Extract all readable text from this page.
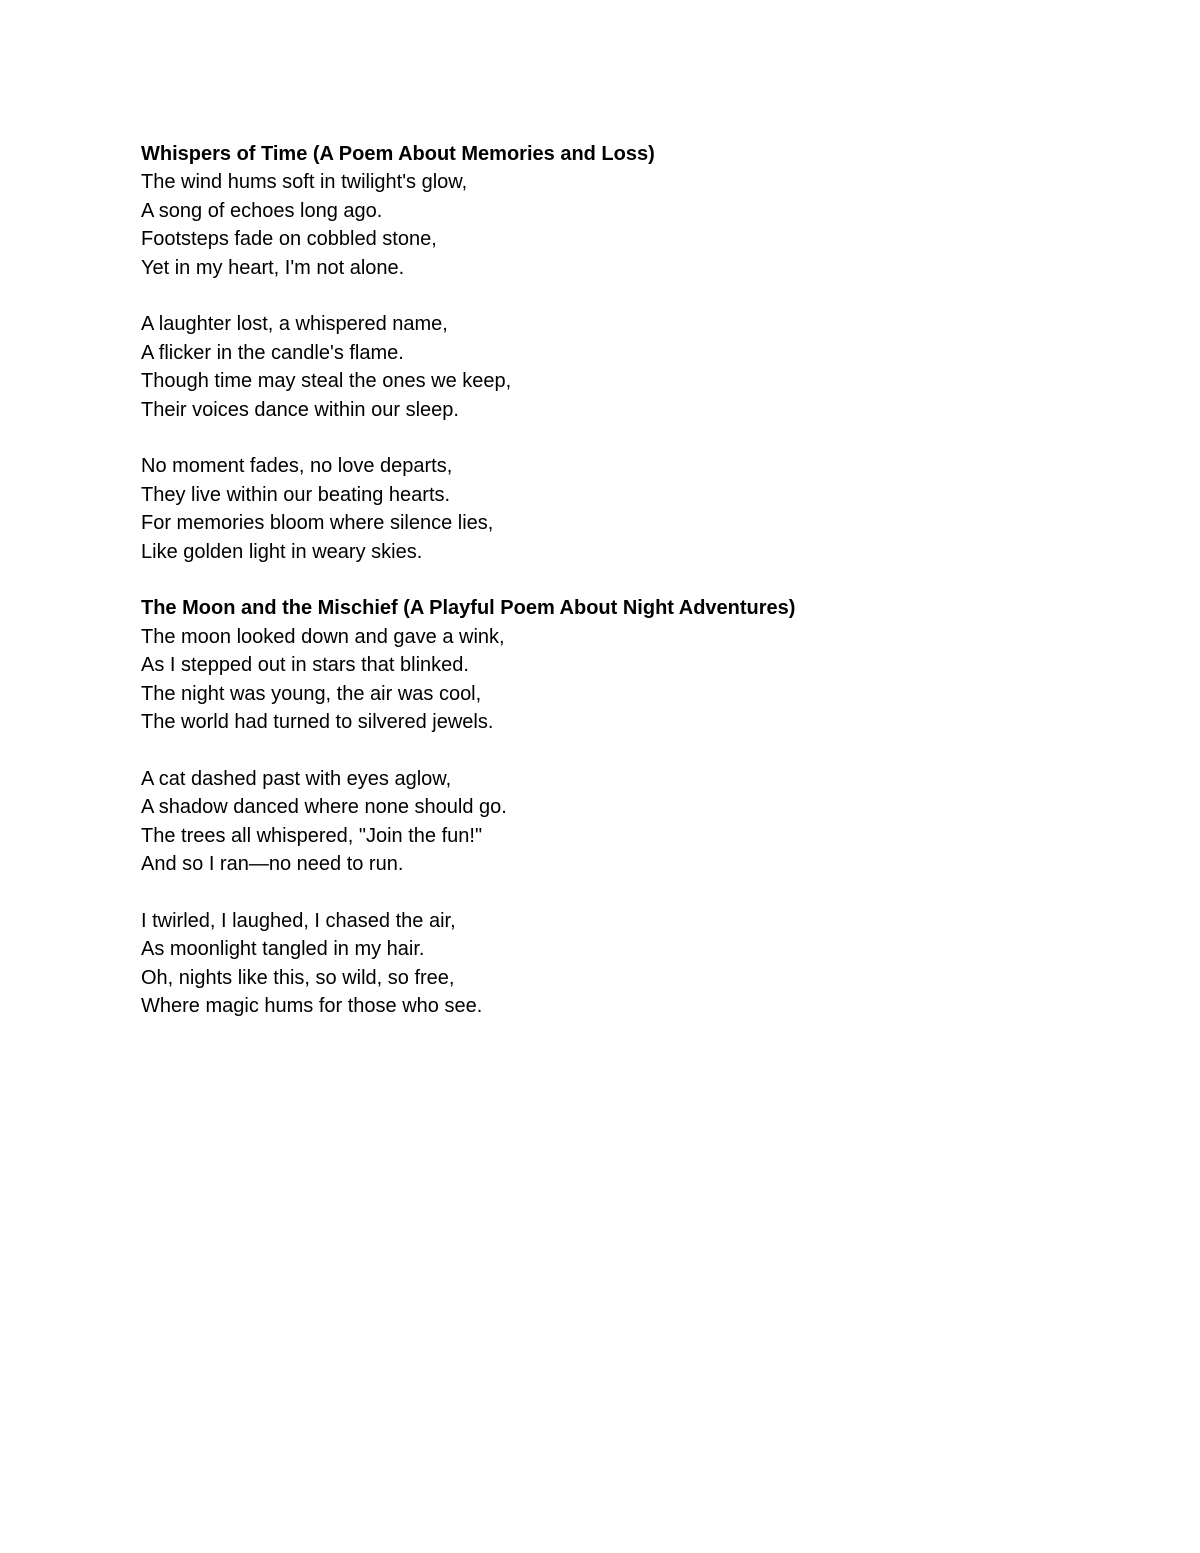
Whispers of Time (A Poem About Memories and Loss)

The wind hums soft in twilight's glow,
A song of echoes long ago.
Footsteps fade on cobbled stone,
Yet in my heart, I'm not alone.
A laughter lost, a whispered name,
A flicker in the candle's flame.
Though time may steal the ones we keep,
Their voices dance within our sleep.
No moment fades, no love departs,
They live within our beating hearts.
For memories bloom where silence lies,
Like golden light in weary skies.

The Moon and the Mischief (A Playful Poem About Night Adventures)

The moon looked down and gave a wink,
As I stepped out in stars that blinked.
The night was young, the air was cool,
The world had turned to silvered jewels.
A cat dashed past with eyes aglow,
A shadow danced where none should go.
The trees all whispered, "Join the fun!"
And so I ran—no need to run.
I twirled, I laughed, I chased the air,
As moonlight tangled in my hair.
Oh, nights like this, so wild, so free,
Where magic hums for those who see.
